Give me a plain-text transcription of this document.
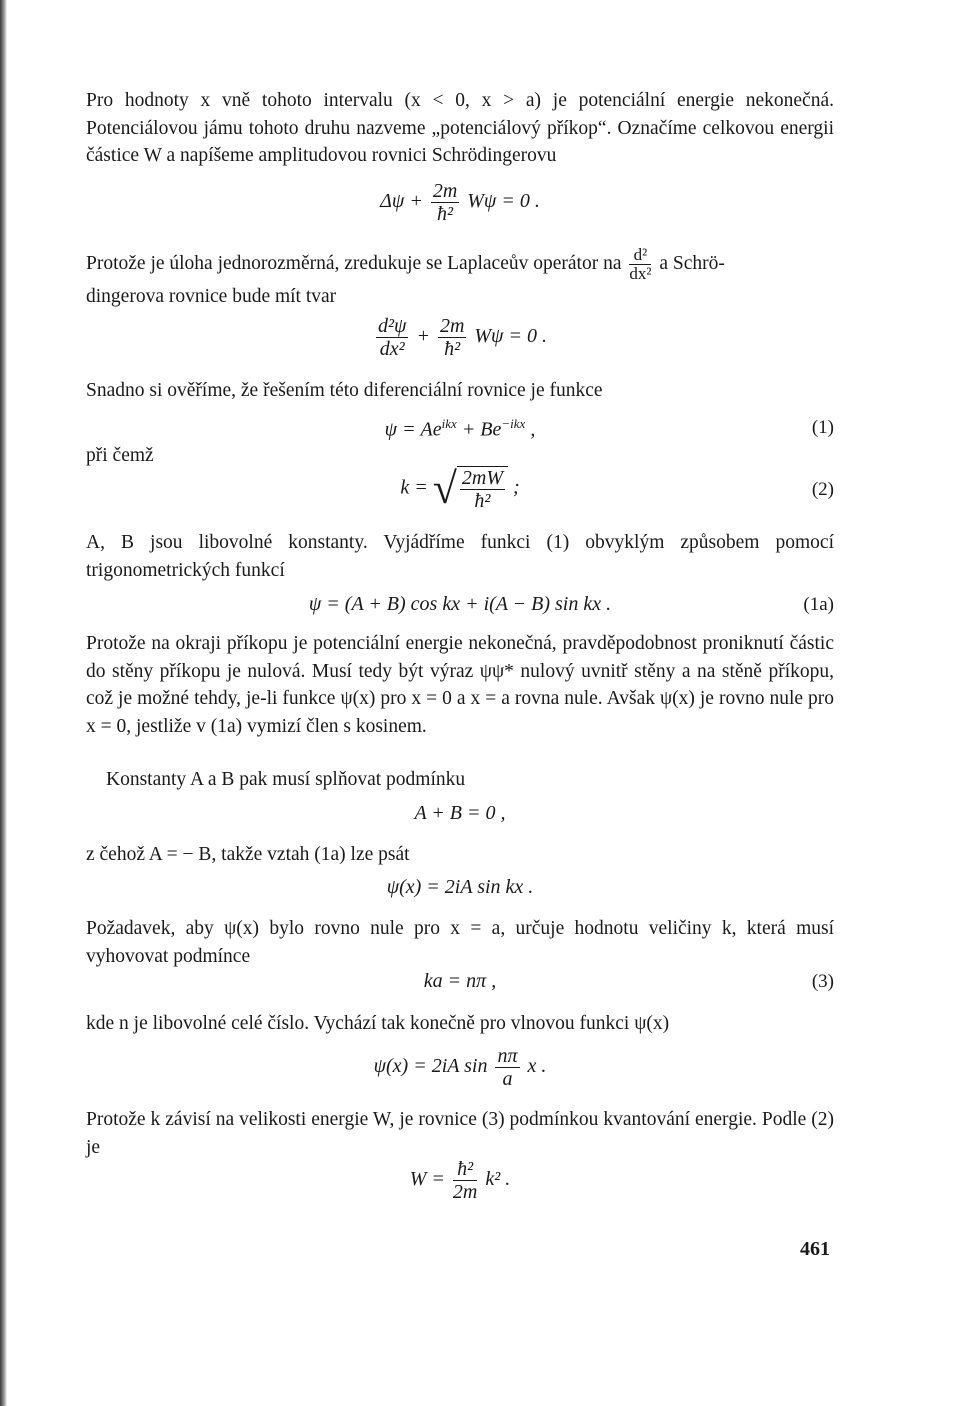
Pro hodnoty x vně tohoto intervalu (x < 0, x > a) je potenciální energie nekonečná. Potenciálovou jámu tohoto druhu nazveme „potenciálový příkop“. Označíme celkovou energii částice W a napíšeme amplitudovou rovnici Schrödingerovu
$\Delta\psi + \frac{2m}{\text{ħ²}}$ Wψ = 0 .
Protože je úloha jednorozměrná, zredukuje se Laplaceův operátor na $\frac{\text{d²}}{\text{dx²}}$ a Schrö-
dingerova rovnice bude mít tvar
$\frac{\text{d²ψ}}{\text{dx²}} + \frac{2m}{\text{ħ²}}$ Wψ = 0 .
Snadno si ověříme, že řešením této diferenciální rovnice je funkce
$\psi = Ae^{ikx} + Be^{-ikx}$ ,	(1)
při čemž
k = √ $\frac{2mW}{\text{ħ²}}$ ;	(2)
A, B jsou libovolné konstanty. Vyjádříme funkci (1) obvyklým způsobem pomocí trigonometrických funkcí
ψ = (A + B) cos kx + i(A − B) sin kx .	(1a)
Protože na okraji příkopu je potenciální energie nekonečná, pravděpodobnost proniknutí částic do stěny příkopu je nulová. Musí tedy být výraz ψψ* nulový uvnitř stěny a na stěně příkopu, což je možné tehdy, je-li funkce ψ(x) pro x = 0 a x = a rovna nule. Avšak ψ(x) je rovno nule pro x = 0, jestliže v (1a) vymizí člen s kosinem.
Konstanty A a B pak musí splňovat podmínku
A + B = 0 ,
z čehož A = − B, takže vztah (1a) lze psát
ψ(x) = 2iA sin kx .
Požadavek, aby ψ(x) bylo rovno nule pro x = a, určuje hodnotu veličiny k, která musí vyhovovat podmínce
ka = nπ ,	(3)
kde n je libovolné celé číslo. Vychází tak konečně pro vlnovou funkci ψ(x)
ψ(x) = 2iA $\sin \frac{n\pi}{a}$ x .
Protože k závisí na velikosti energie W, je rovnice (3) podmínkou kvantování energie. Podle (2) je
$W = \frac{\text{ħ²}}{2m} k^2$ .
461
